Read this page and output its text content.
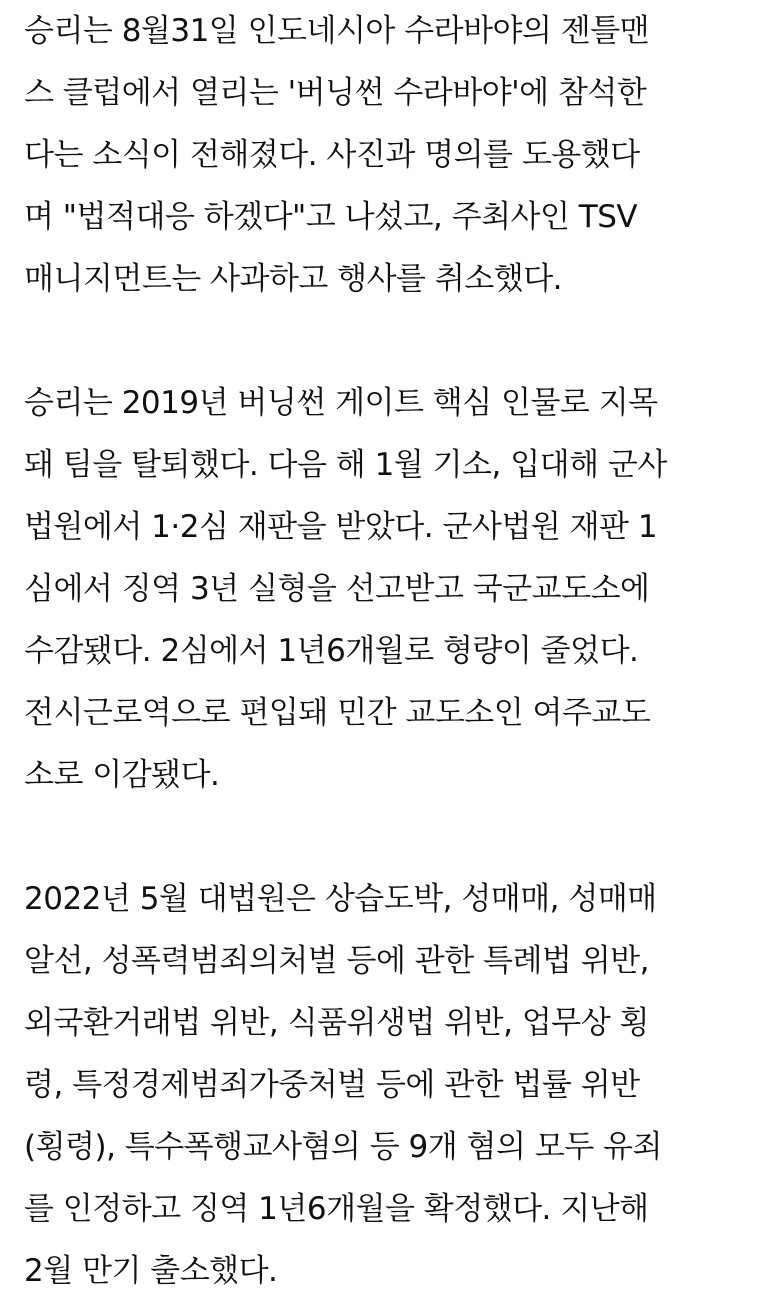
승리는 8월31일 인도네시아 수라바야의 젠틀맨
스 클럽에서 열리는 '버닝썬 수라바야'에 참석한
다는 소식이 전해졌다. 사진과 명의를 도용했다
며 "법적대응 하겠다"고 나섰고, 주최사인 TSV
매니지먼트는 사과하고 행사를 취소했다.
승리는 2019년 버닝썬 게이트 핵심 인물로 지목
돼 팀을 탈퇴했다. 다음 해 1월 기소, 입대해 군사
법원에서 1·2심 재판을 받았다. 군사법원 재판 1
심에서 징역 3년 실형을 선고받고 국군교도소에
수감됐다. 2심에서 1년6개월로 형량이 줄었다.
전시근로역으로 편입돼 민간 교도소인 여주교도
소로 이감됐다.
2022년 5월 대법원은 상습도박, 성매매, 성매매
알선, 성폭력범죄의처벌 등에 관한 특례법 위반,
외국환거래법 위반, 식품위생법 위반, 업무상 횡
령, 특정경제범죄가중처벌 등에 관한 법률 위반
(횡령), 특수폭행교사혐의 등 9개 혐의 모두 유죄
를 인정하고 징역 1년6개월을 확정했다. 지난해
2월 만기 출소했다.
